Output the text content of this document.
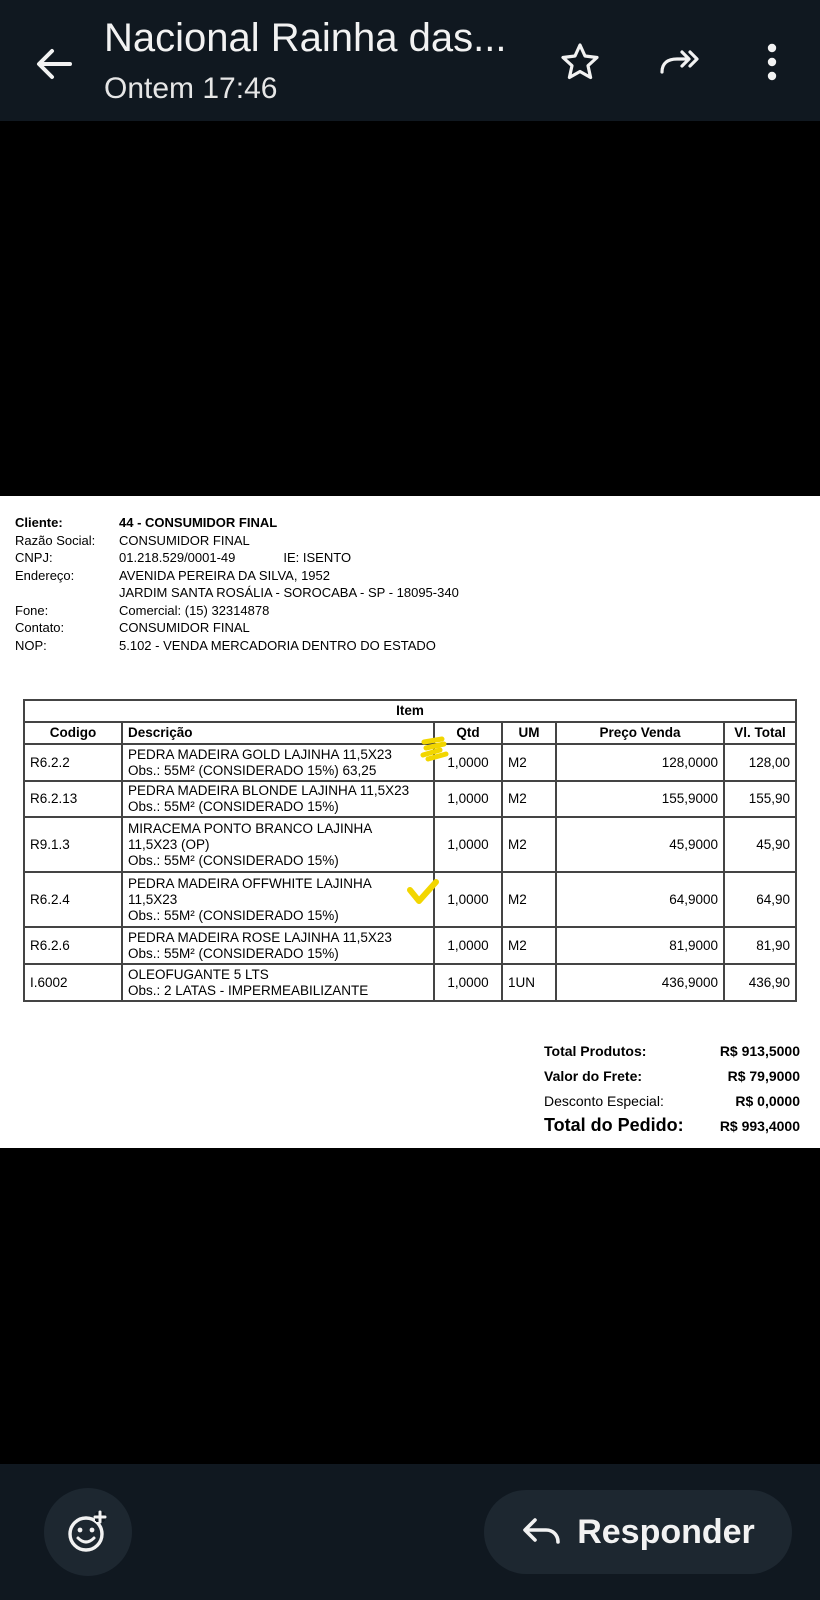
Nacional Rainha das...
Ontem 17:46
Cliente:	44 - CONSUMIDOR FINAL
Razão Social:	CONSUMIDOR FINAL
CNPJ:	01.218.529/0001-49	IE: ISENTO
Endereço:	AVENIDA PEREIRA DA SILVA, 1952
JARDIM SANTA ROSÁLIA - SOROCABA - SP - 18095-340
Fone:	Comercial: (15) 32314878
Contato:	CONSUMIDOR FINAL
NOP:	5.102 - VENDA MERCADORIA DENTRO DO ESTADO
Item					
Codigo	Descrição	Qtd	UM	Preço Venda	Vl. Total
R6.2.2	PEDRA MADEIRA GOLD LAJINHA 11,5X23
Obs.: 55M² (CONSIDERADO 15%) 63,25	1,0000	M2	128,0000	128,00
R6.2.13	PEDRA MADEIRA BLONDE LAJINHA 11,5X23
Obs.: 55M² (CONSIDERADO 15%)	1,0000	M2	155,9000	155,90
R9.1.3	MIRACEMA PONTO BRANCO LAJINHA
11,5X23 (OP)
Obs.: 55M² (CONSIDERADO 15%)	1,0000	M2	45,9000	45,90
R6.2.4	PEDRA MADEIRA OFFWHITE LAJINHA
11,5X23
Obs.: 55M² (CONSIDERADO 15%)	1,0000	M2	64,9000	64,90
R6.2.6	PEDRA MADEIRA ROSE LAJINHA 11,5X23
Obs.: 55M² (CONSIDERADO 15%)	1,0000	M2	81,9000	81,90
I.6002	OLEOFUGANTE 5 LTS
Obs.: 2 LATAS - IMPERMEABILIZANTE	1,0000	1UN	436,9000	436,90
Total Produtos:	R$ 913,5000
Valor do Frete:	R$ 79,9000
Desconto Especial:	R$ 0,0000
Total do Pedido:	R$ 993,4000
Responder
